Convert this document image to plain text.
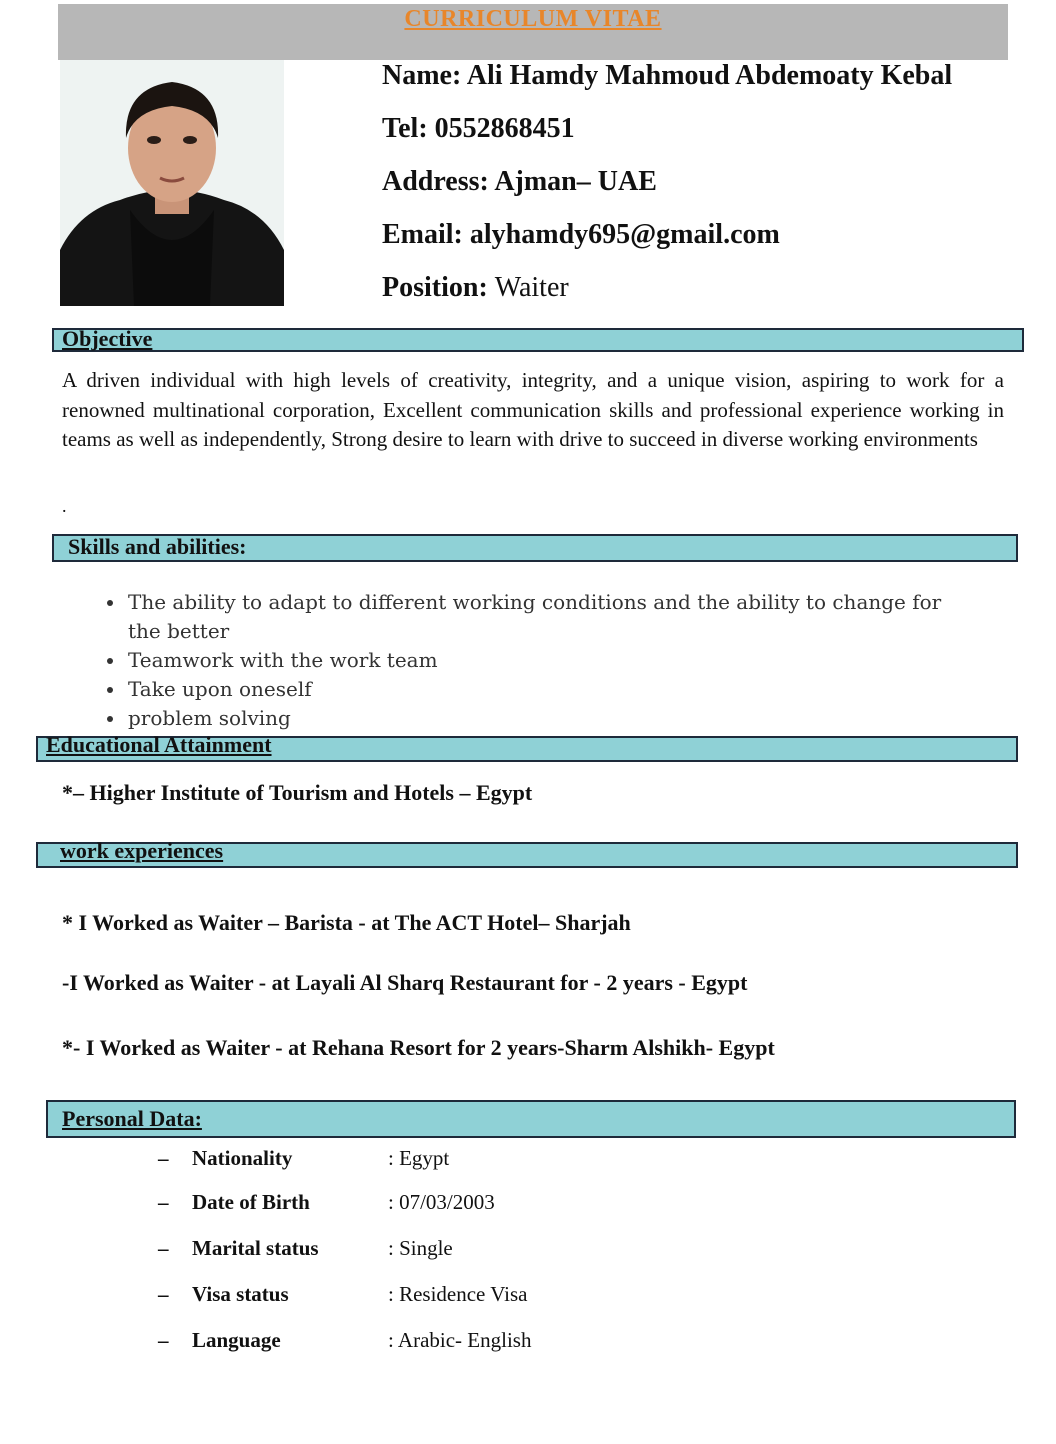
CURRICULUM VITAE
Name: Ali Hamdy Mahmoud Abdemoaty Kebal
Tel: 0552868451
Address: Ajman– UAE
Email: alyhamdy695@gmail.com
Position: Waiter
Objective
A driven individual with high levels of creativity, integrity, and a unique vision, aspiring to work for a renowned multinational corporation, Excellent communication skills and professional experience working in teams as well as independently, Strong desire to learn with drive to succeed in diverse working environments
.
Skills and abilities:
• The ability to adapt to different working conditions and the ability to change for the better
• Teamwork with the work team
• Take upon oneself
• problem solving
Educational Attainment
*– Higher Institute of Tourism and Hotels – Egypt
work experiences
* I Worked as Waiter – Barista - at The ACT Hotel– Sharjah
-I Worked as Waiter - at Layali Al Sharq Restaurant for - 2 years - Egypt
*- I Worked as Waiter - at Rehana Resort for 2 years-Sharm Alshikh- Egypt
Personal Data:
– Nationality	: Egypt
– Date of Birth	: 07/03/2003
– Marital status	: Single
– Visa status	: Residence Visa
– Language	: Arabic- English
